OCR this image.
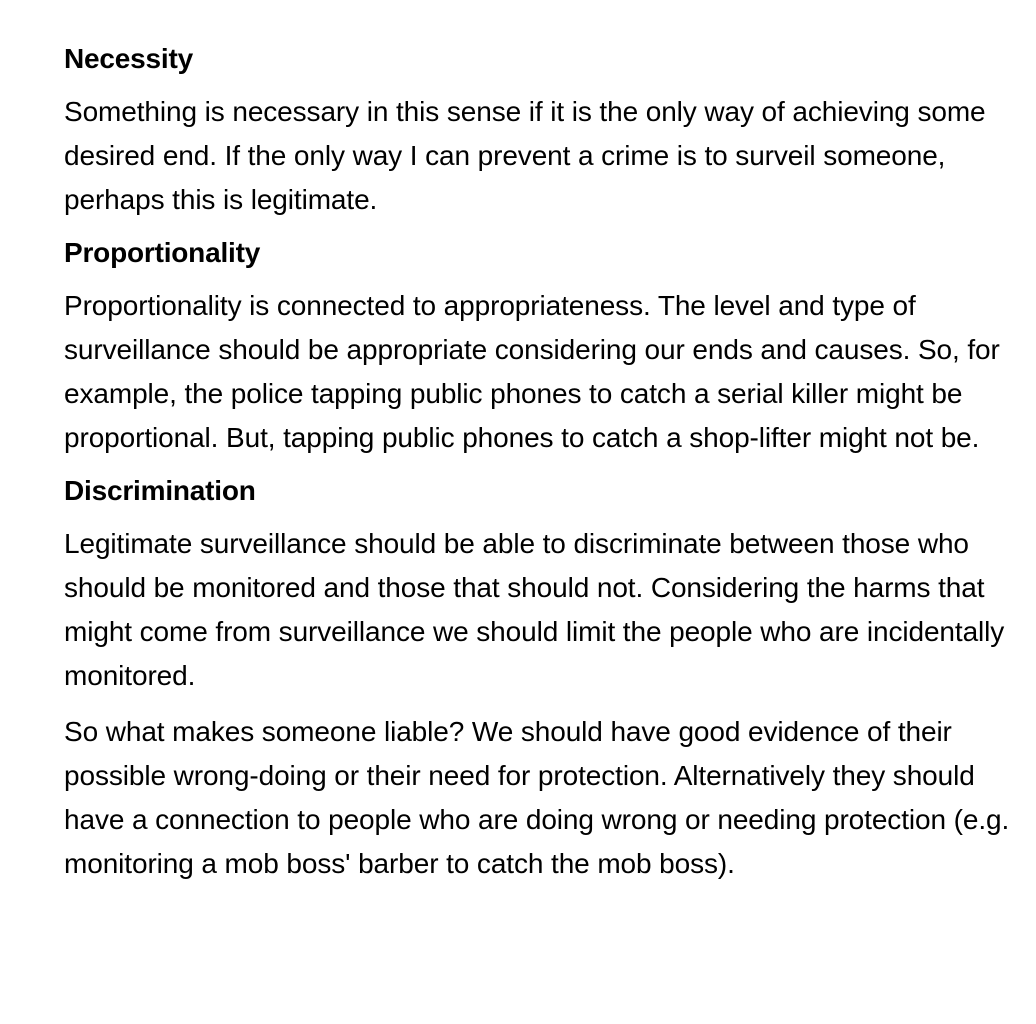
Necessity

Something is necessary in this sense if it is the only way of achieving some desired end. If the only way I can prevent a crime is to surveil someone, perhaps this is legitimate.

Proportionality

Proportionality is connected to appropriateness. The level and type of surveillance should be appropriate considering our ends and causes. So, for example, the police tapping public phones to catch a serial killer might be proportional. But, tapping public phones to catch a shop-lifter might not be.

Discrimination

Legitimate surveillance should be able to discriminate between those who should be monitored and those that should not. Considering the harms that might come from surveillance we should limit the people who are incidentally monitored.

So what makes someone liable? We should have good evidence of their possible wrong-doing or their need for protection. Alternatively they should have a connection to people who are doing wrong or needing protection (e.g. monitoring a mob boss' barber to catch the mob boss).
